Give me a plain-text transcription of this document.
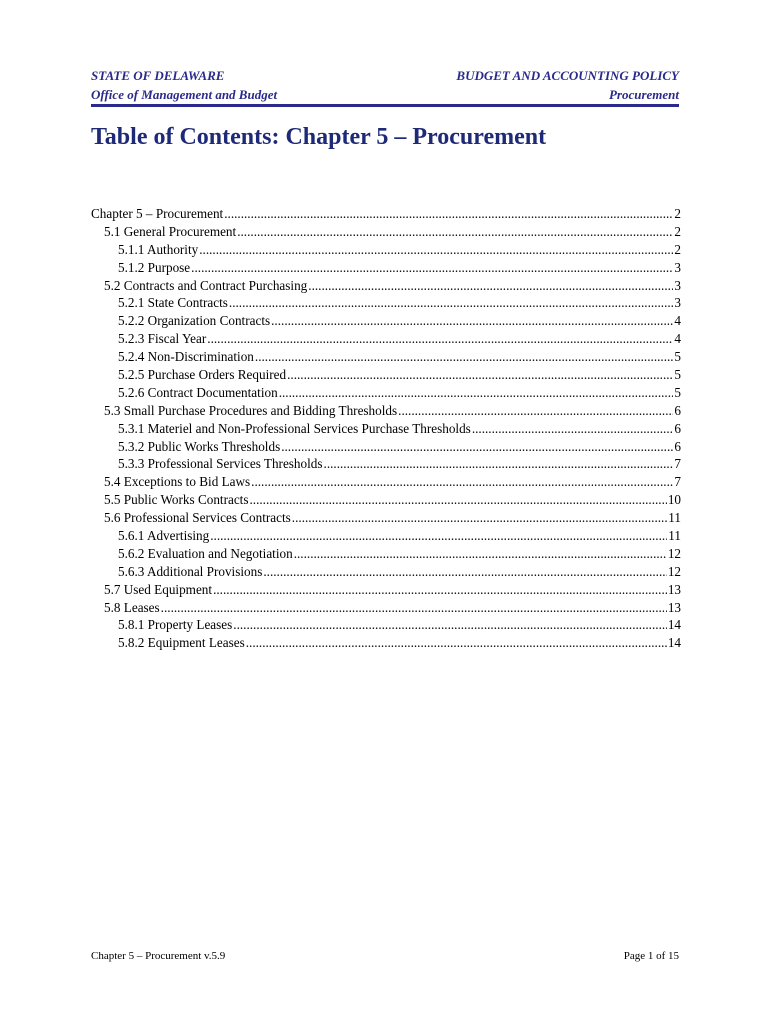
STATE OF DELAWARE
Office of Management and Budget
BUDGET AND ACCOUNTING POLICY
Procurement
Table of Contents: Chapter 5 – Procurement
Chapter 5 – Procurement .....	2
5.1 General Procurement .....	2
5.1.1 Authority .....	2
5.1.2 Purpose .....	3
5.2 Contracts and Contract Purchasing .....	3
5.2.1 State Contracts .....	3
5.2.2 Organization Contracts .....	4
5.2.3 Fiscal Year .....	4
5.2.4 Non-Discrimination .....	5
5.2.5 Purchase Orders Required .....	5
5.2.6 Contract Documentation .....	5
5.3 Small Purchase Procedures and Bidding Thresholds .....	6
5.3.1 Materiel and Non-Professional Services Purchase Thresholds .....	6
5.3.2 Public Works Thresholds .....	6
5.3.3 Professional Services Thresholds .....	7
5.4 Exceptions to Bid Laws .....	7
5.5 Public Works Contracts .....	10
5.6 Professional Services Contracts .....	11
5.6.1 Advertising .....	11
5.6.2 Evaluation and Negotiation .....	12
5.6.3 Additional Provisions .....	12
5.7 Used Equipment .....	13
5.8 Leases .....	13
5.8.1 Property Leases .....	14
5.8.2 Equipment Leases .....	14
Chapter 5 – Procurement v.5.9	Page 1 of 15
